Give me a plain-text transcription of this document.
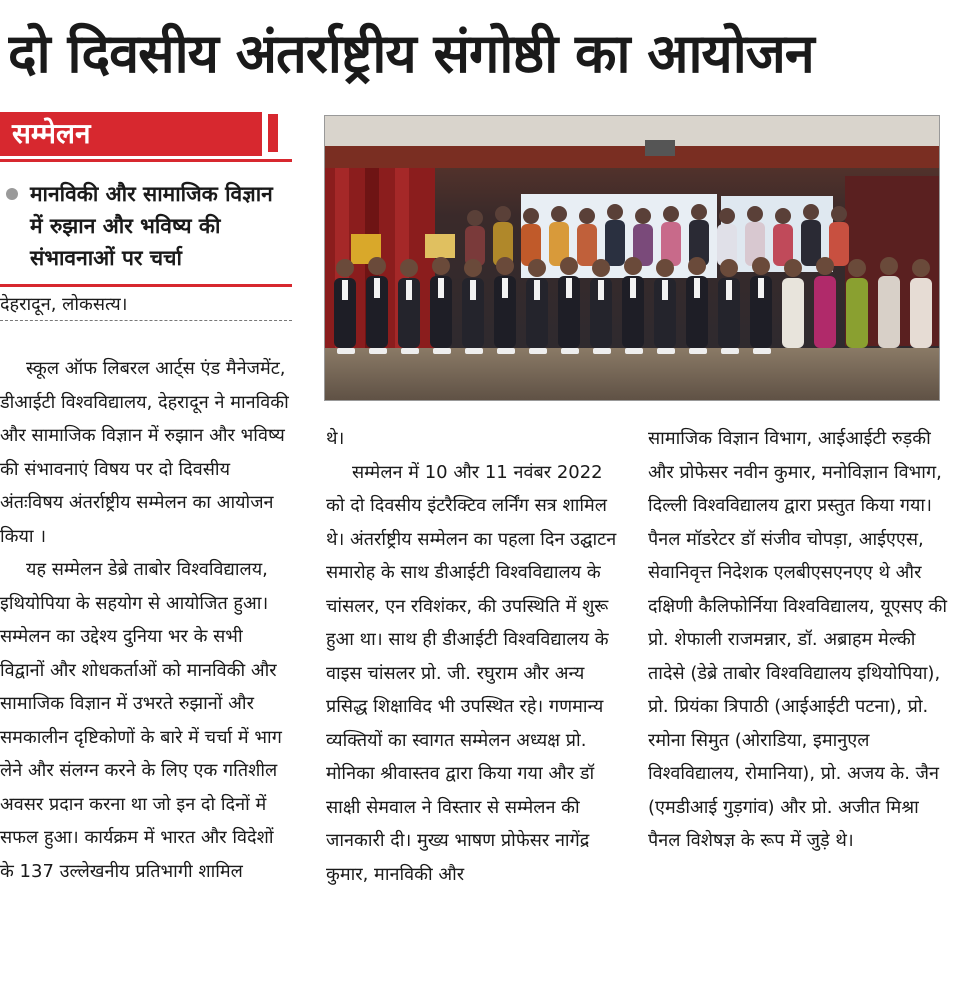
दो दिवसीय अंतर्राष्ट्रीय संगोष्ठी का आयोजन
सम्मेलन
मानविकी और सामाजिक विज्ञान में रुझान और भविष्य की संभावनाओं पर चर्चा
देहरादून, लोकसत्य।

स्कूल ऑफ लिबरल आर्ट्स एंड मैनेजमेंट, डीआईटी विश्वविद्यालय, देहरादून ने मानविकी और सामाजिक विज्ञान में रुझान और भविष्य की संभावनाएं विषय पर दो दिवसीय अंतःविषय अंतर्राष्ट्रीय सम्मेलन का आयोजन किया ।

यह सम्मेलन डेब्रे ताबोर विश्वविद्यालय, इथियोपिया के सहयोग से आयोजित हुआ। सम्मेलन का उद्देश्य दुनिया भर के सभी विद्वानों और शोधकर्ताओं को मानविकी और सामाजिक विज्ञान में उभरते रुझानों और समकालीन दृष्टिकोणों के बारे में चर्चा में भाग लेने और संलग्न करने के लिए एक गतिशील अवसर प्रदान करना था जो इन दो दिनों में सफल हुआ। कार्यक्रम में भारत और विदेशों के 137 उल्लेखनीय प्रतिभागी शामिल

थे।

सम्मेलन में 10 और 11 नवंबर 2022 को दो दिवसीय इंटरैक्टिव लर्निंग सत्र शामिल थे। अंतर्राष्ट्रीय सम्मेलन का पहला दिन उद्घाटन समारोह के साथ डीआईटी विश्वविद्यालय के चांसलर, एन रविशंकर, की उपस्थिति में शुरू हुआ था। साथ ही डीआईटी विश्वविद्यालय के वाइस चांसलर प्रो. जी. रघुराम और अन्य प्रसिद्ध शिक्षाविद भी उपस्थित रहे। गणमान्य व्यक्तियों का स्वागत सम्मेलन अध्यक्ष प्रो. मोनिका श्रीवास्तव द्वारा किया गया और डॉ साक्षी सेमवाल ने विस्तार से सम्मेलन की जानकारी दी। मुख्य भाषण प्रोफेसर नागेंद्र कुमार, मानविकी और

सामाजिक विज्ञान विभाग, आईआईटी रुड़की और प्रोफेसर नवीन कुमार, मनोविज्ञान विभाग, दिल्ली विश्वविद्यालय द्वारा प्रस्तुत किया गया। पैनल मॉडरेटर डॉ संजीव चोपड़ा, आईएएस, सेवानिवृत्त निदेशक एलबीएसएनएए थे और दक्षिणी कैलिफोर्निया विश्वविद्यालय, यूएसए की प्रो. शेफाली राजमन्नार, डॉ. अब्राहम मेल्की तादेसे (डेब्रे ताबोर विश्वविद्यालय इथियोपिया), प्रो. प्रियंका त्रिपाठी (आईआईटी पटना), प्रो. रमोना सिमुत (ओराडिया, इमानुएल विश्वविद्यालय, रोमानिया), प्रो. अजय के. जैन (एमडीआई गुड़गांव) और प्रो. अजीत मिश्रा पैनल विशेषज्ञ के रूप में जुड़े थे।
